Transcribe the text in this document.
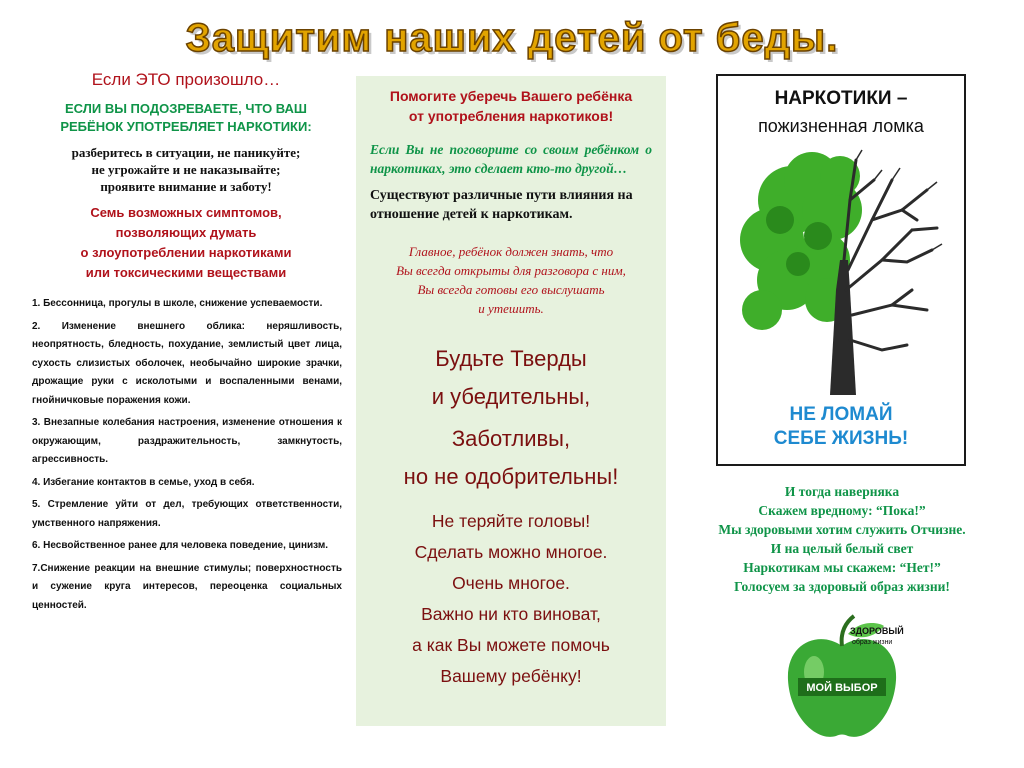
Защитим наших детей от беды.
Если ЭТО произошло…
ЕСЛИ ВЫ ПОДОЗРЕВАЕТЕ, ЧТО ВАШ
РЕБЁНОК УПОТРЕБЛЯЕТ НАРКОТИКИ:
разберитесь в ситуации, не паникуйте;
не угрожайте и не наказывайте;
проявите внимание и заботу!
Семь возможных симптомов,
позволяющих думать
о злоупотреблении наркотиками
или токсическими веществами
1. Бессонница, прогулы в школе, снижение успеваемости.
2. Изменение внешнего облика: неряшливость, неопрятность, бледность, похудание, землистый цвет лица, сухость слизистых оболочек, необычайно широкие зрачки, дрожащие руки с исколотыми и воспаленными венами, гнойничковые поражения кожи.
3. Внезапные колебания настроения, изменение отношения к окружающим, раздражительность, замкнутость, агрессивность.
4. Избегание контактов в семье, уход в себя.
5. Стремление уйти от дел, требующих ответственности, умственного напряжения.
6. Несвойственное ранее для человека поведение, цинизм.
7.Снижение реакции на внешние стимулы; поверхностность и сужение круга интересов, переоценка социальных ценностей.
Помогите уберечь Вашего ребёнка
от употребления наркотиков!
Если Вы не поговорите со своим ребёнком о наркотиках, это сделает кто-то другой…
Существуют различные пути влияния на отношение детей к наркотикам.
Главное, ребёнок должен знать, что
Вы всегда открыты для разговора с ним,
Вы всегда готовы его выслушать
и утешить.
Будьте Тверды
и убедительны,
Заботливы,
но не одобрительны!
Не теряйте головы!
Сделать можно многое.
Очень многое.
Важно ни кто виноват,
а как Вы можете помочь
Вашему ребёнку!
НАРКОТИКИ –
пожизненная ломка
НЕ ЛОМАЙ
СЕБЕ ЖИЗНЬ!
И тогда наверняка
Скажем вредному: “Пока!”
Мы здоровыми хотим служить Отчизне.
И на целый белый свет
Наркотикам мы скажем: “Нет!”
Голосуем за здоровый образ жизни!
ЗДОРОВЫЙ
образ жизни
МОЙ ВЫБОР
